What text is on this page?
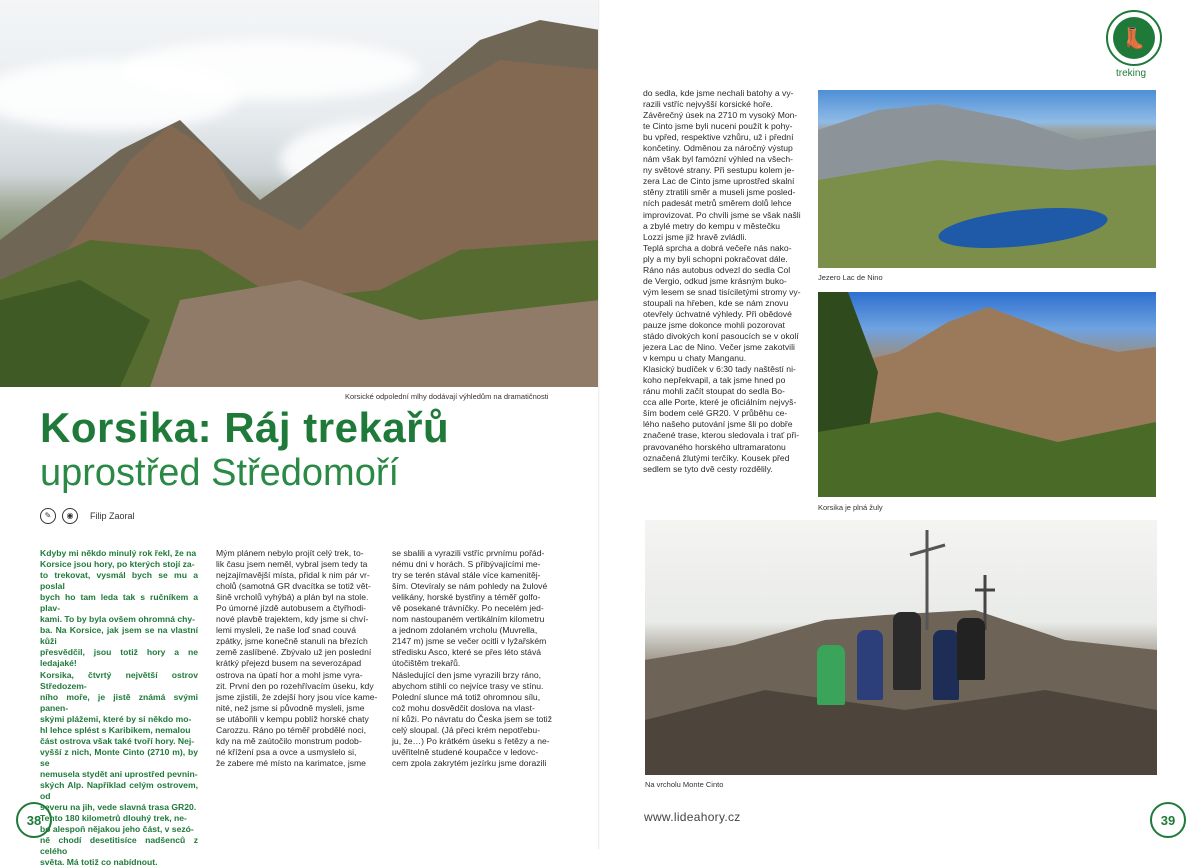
Korsické odpolední mlhy dodávají výhledům na dramatičnosti
Korsika: Ráj trekařů
uprostřed Středomoří
✎	◉	Filip Zaoral
Kdyby mi někdo minulý rok řekl, že na
Korsice jsou hory, po kterých stojí za-
to trekovat, vysmál bych se mu a poslal
bych ho tam leda tak s ručníkem a plav-
kami. To by byla ovšem ohromná chy-
ba. Na Korsice, jak jsem se na vlastní kůži
přesvědčil, jsou totiž hory a ne ledajaké!
Korsika, čtvrtý největší ostrov Středozem-
ního moře, je jistě známá svými panen-
skými plážemi, které by si někdo mo-
hl lehce splést s Karibikem, nemalou
část ostrova však také tvoří hory. Nej-
vyšší z nich, Monte Cinto (2710 m), by se
nemusela stydět ani uprostřed pevnin-
ských Alp. Například celým ostrovem, od
severu na jih, vede slavná trasa GR20.
Tento 180 kilometrů dlouhý trek, ne-
bo alespoň nějakou jeho část, v sezó-
ně chodí desetitisíce nadšenců z celého
světa. Má totiž co nabídnout.
Mým plánem nebylo projít celý trek, to-
lik času jsem neměl, vybral jsem tedy ta
nejzajímavější místa, přidal k nim pár vr-
cholů (samotná GR dvacítka se totiž vět-
šině vrcholů vyhýbá) a plán byl na stole.
Po úmorné jízdě autobusem a čtyřhodi-
nové plavbě trajektem, kdy jsme si chví-
lemi mysleli, že naše loď snad couvá
zpátky, jsme konečně stanuli na březích
země zaslíbené. Zbývalo už jen poslední
krátký přejezd busem na severozápad
ostrova na úpatí hor a mohl jsme vyra-
zit. První den po rozehřívacím úseku, kdy
jsme zjistili, že zdejší hory jsou více kame-
nité, než jsme si původně mysleli, jsme
se utábořili v kempu poblíž horské chaty
Carozzu. Ráno po téměř probdělé noci,
kdy na mě zaútočilo monstrum podob-
né křížení psa a ovce a usmyslelo si,
že zabere mé místo na karimatce, jsme
se sbalili a vyrazili vstříc prvnímu pořád-
nému dni v horách. S přibývajícími me-
try se terén stával stále více kamenitěj-
ším. Otevíraly se nám pohledy na žulové
velikány, horské bystřiny a téměř golfo-
vě posekané trávníčky. Po necelém jed-
nom nastoupaném vertikálním kilometru
a jednom zdolaném vrcholu (Muvrella,
2147 m) jsme se večer ocitli v lyžařském
středisku Asco, které se přes léto stává
útočištěm trekařů.
Následující den jsme vyrazili brzy ráno,
abychom stihli co nejvíce trasy ve stínu.
Polední slunce má totiž ohromnou sílu,
což mohu dosvědčit doslova na vlast-
ní kůži. Po návratu do Česka jsem se totiž
celý sloupal. (Já přeci krém nepotřebu-
ju, že…) Po krátkém úseku s řetězy a ne-
uvěřitelně studené koupačce v ledovc-
cem zpola zakrytém jezírku jsme dorazili
38
👢
treking
do sedla, kde jsme nechali batohy a vy-
razili vstříc nejvyšší korsické hoře.
Závěrečný úsek na 2710 m vysoký Mon-
te Cinto jsme byli nuceni použít k pohy-
bu vpřed, respektive vzhůru, už i přední
končetiny. Odměnou za náročný výstup
nám však byl famózní výhled na všech-
ny světové strany. Při sestupu kolem je-
zera Lac de Cinto jsme uprostřed skalní
stěny ztratili směr a museli jsme posled-
ních padesát metrů směrem dolů lehce
improvizovat. Po chvíli jsme se však našli
a zbylé metry do kempu v městečku
Lozzi jsme již hravě zvládli.
Teplá sprcha a dobrá večeře nás nako-
ply a my byli schopni pokračovat dále.
Ráno nás autobus odvezl do sedla Col
de Vergio, odkud jsme krásným buko-
vým lesem se snad tisíciletými stromy vy-
stoupali na hřeben, kde se nám znovu
otevřely úchvatné výhledy. Při obědové
pauze jsme dokonce mohli pozorovat
stádo divokých koní pasoucích se v okolí
jezera Lac de Nino. Večer jsme zakotvili
v kempu u chaty Manganu.
Klasický budíček v 6:30 tady naštěstí ni-
koho nepřekvapil, a tak jsme hned po
ránu mohli začít stoupat do sedla Bo-
cca alle Porte, které je oficiálním nejvyš-
ším bodem celé GR20. V průběhu ce-
lého našeho putování jsme šli po dobře
značené trase, kterou sledovala i trať při-
pravovaného horského ultramaratonu
označená žlutými terčíky. Kousek před
sedlem se tyto dvě cesty rozdělily.
Jezero Lac de Nino
Korsika je plná žuly
Na vrcholu Monte Cinto
www.lideahory.cz	39
